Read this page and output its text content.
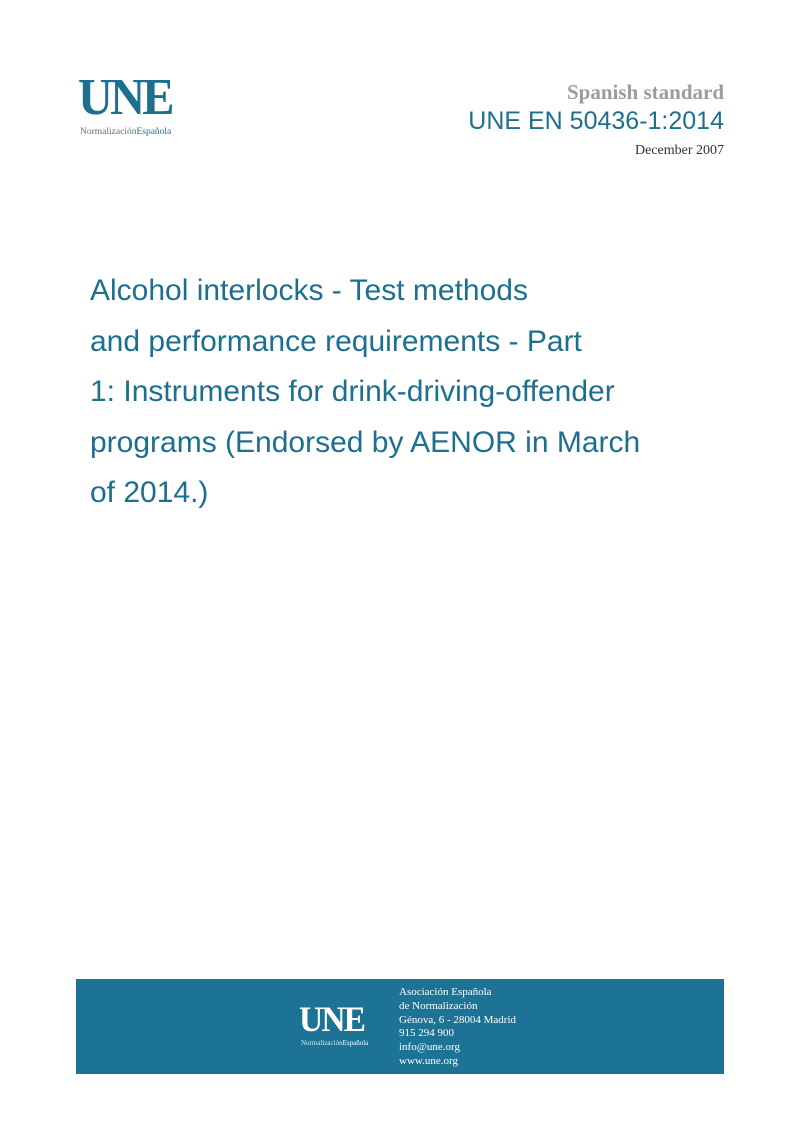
UNE
NormalizaciónEspañola
Spanish standard
UNE EN 50436-1:2014
December 2007
Alcohol interlocks - Test methods
and performance requirements - Part
1: Instruments for drink-driving-offender
programs (Endorsed by AENOR in March
of 2014.)
UNE
NormalizaciónEspañola
Asociación Española
de Normalización
Génova, 6 - 28004 Madrid
915 294 900
info@une.org
www.une.org
